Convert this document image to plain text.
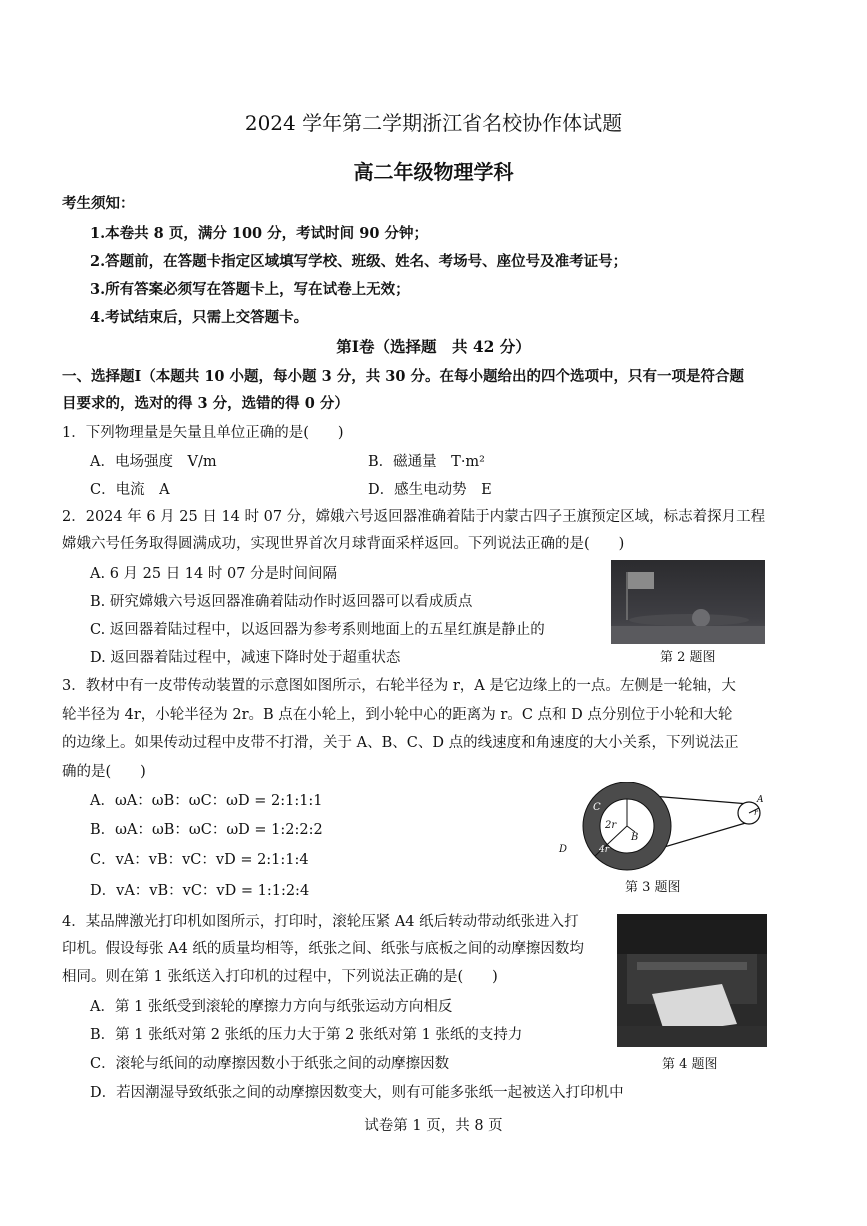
2024 学年第二学期浙江省名校协作体试题
高二年级物理学科
考生须知：
1.本卷共 8 页，满分 100 分，考试时间 90 分钟；
2.答题前，在答题卡指定区域填写学校、班级、姓名、考场号、座位号及准考证号；
3.所有答案必须写在答题卡上，写在试卷上无效；
4.考试结束后，只需上交答题卡。
第Ⅰ卷（选择题　共 42 分）
一、选择题Ⅰ（本题共 10 小题，每小题 3 分，共 30 分。在每小题给出的四个选项中，只有一项是符合题
目要求的，选对的得 3 分，选错的得 0 分）
1．下列物理量是矢量且单位正确的是(　　)
A．电场强度　V/m	B．磁通量　T·m²
C．电流　A	D．感生电动势　E
2．2024 年 6 月 25 日 14 时 07 分，嫦娥六号返回器准确着陆于内蒙古四子王旗预定区域，标志着探月工程
嫦娥六号任务取得圆满成功，实现世界首次月球背面采样返回。下列说法正确的是(　　)
A. 6 月 25 日 14 时 07 分是时间间隔
B. 研究嫦娥六号返回器准确着陆动作时返回器可以看成质点
C. 返回器着陆过程中，以返回器为参考系则地面上的五星红旗是静止的
D. 返回器着陆过程中，减速下降时处于超重状态	第 2 题图
3．教材中有一皮带传动装置的示意图如图所示，右轮半径为 r，A 是它边缘上的一点。左侧是一轮轴，大
轮半径为 4r，小轮半径为 2r。B 点在小轮上，到小轮中心的距离为 r。C 点和 D 点分别位于小轮和大轮
的边缘上。如果传动过程中皮带不打滑，关于 A、B、C、D 点的线速度和角速度的大小关系，下列说法正
确的是(　　)
A．ωA：ωB：ωC：ωD = 2:1:1:1
B．ωA：ωB：ωC：ωD = 1:2:2:2
C．vA：vB：vC：vD = 2:1:1:4
D．vA：vB：vC：vD = 1:1:2:4
C
2r
B
4r
D
A
r
第 3 题图
4．某品牌激光打印机如图所示，打印时，滚轮压紧 A4 纸后转动带动纸张进入打
印机。假设每张 A4 纸的质量均相等，纸张之间、纸张与底板之间的动摩擦因数均
相同。则在第 1 张纸送入打印机的过程中，下列说法正确的是(　　)
A．第 1 张纸受到滚轮的摩擦力方向与纸张运动方向相反
B．第 1 张纸对第 2 张纸的压力大于第 2 张纸对第 1 张纸的支持力
C．滚轮与纸间的动摩擦因数小于纸张之间的动摩擦因数
D．若因潮湿导致纸张之间的动摩擦因数变大，则有可能多张纸一起被送入打印机中
第 4 题图
试卷第 1 页，共 8 页
